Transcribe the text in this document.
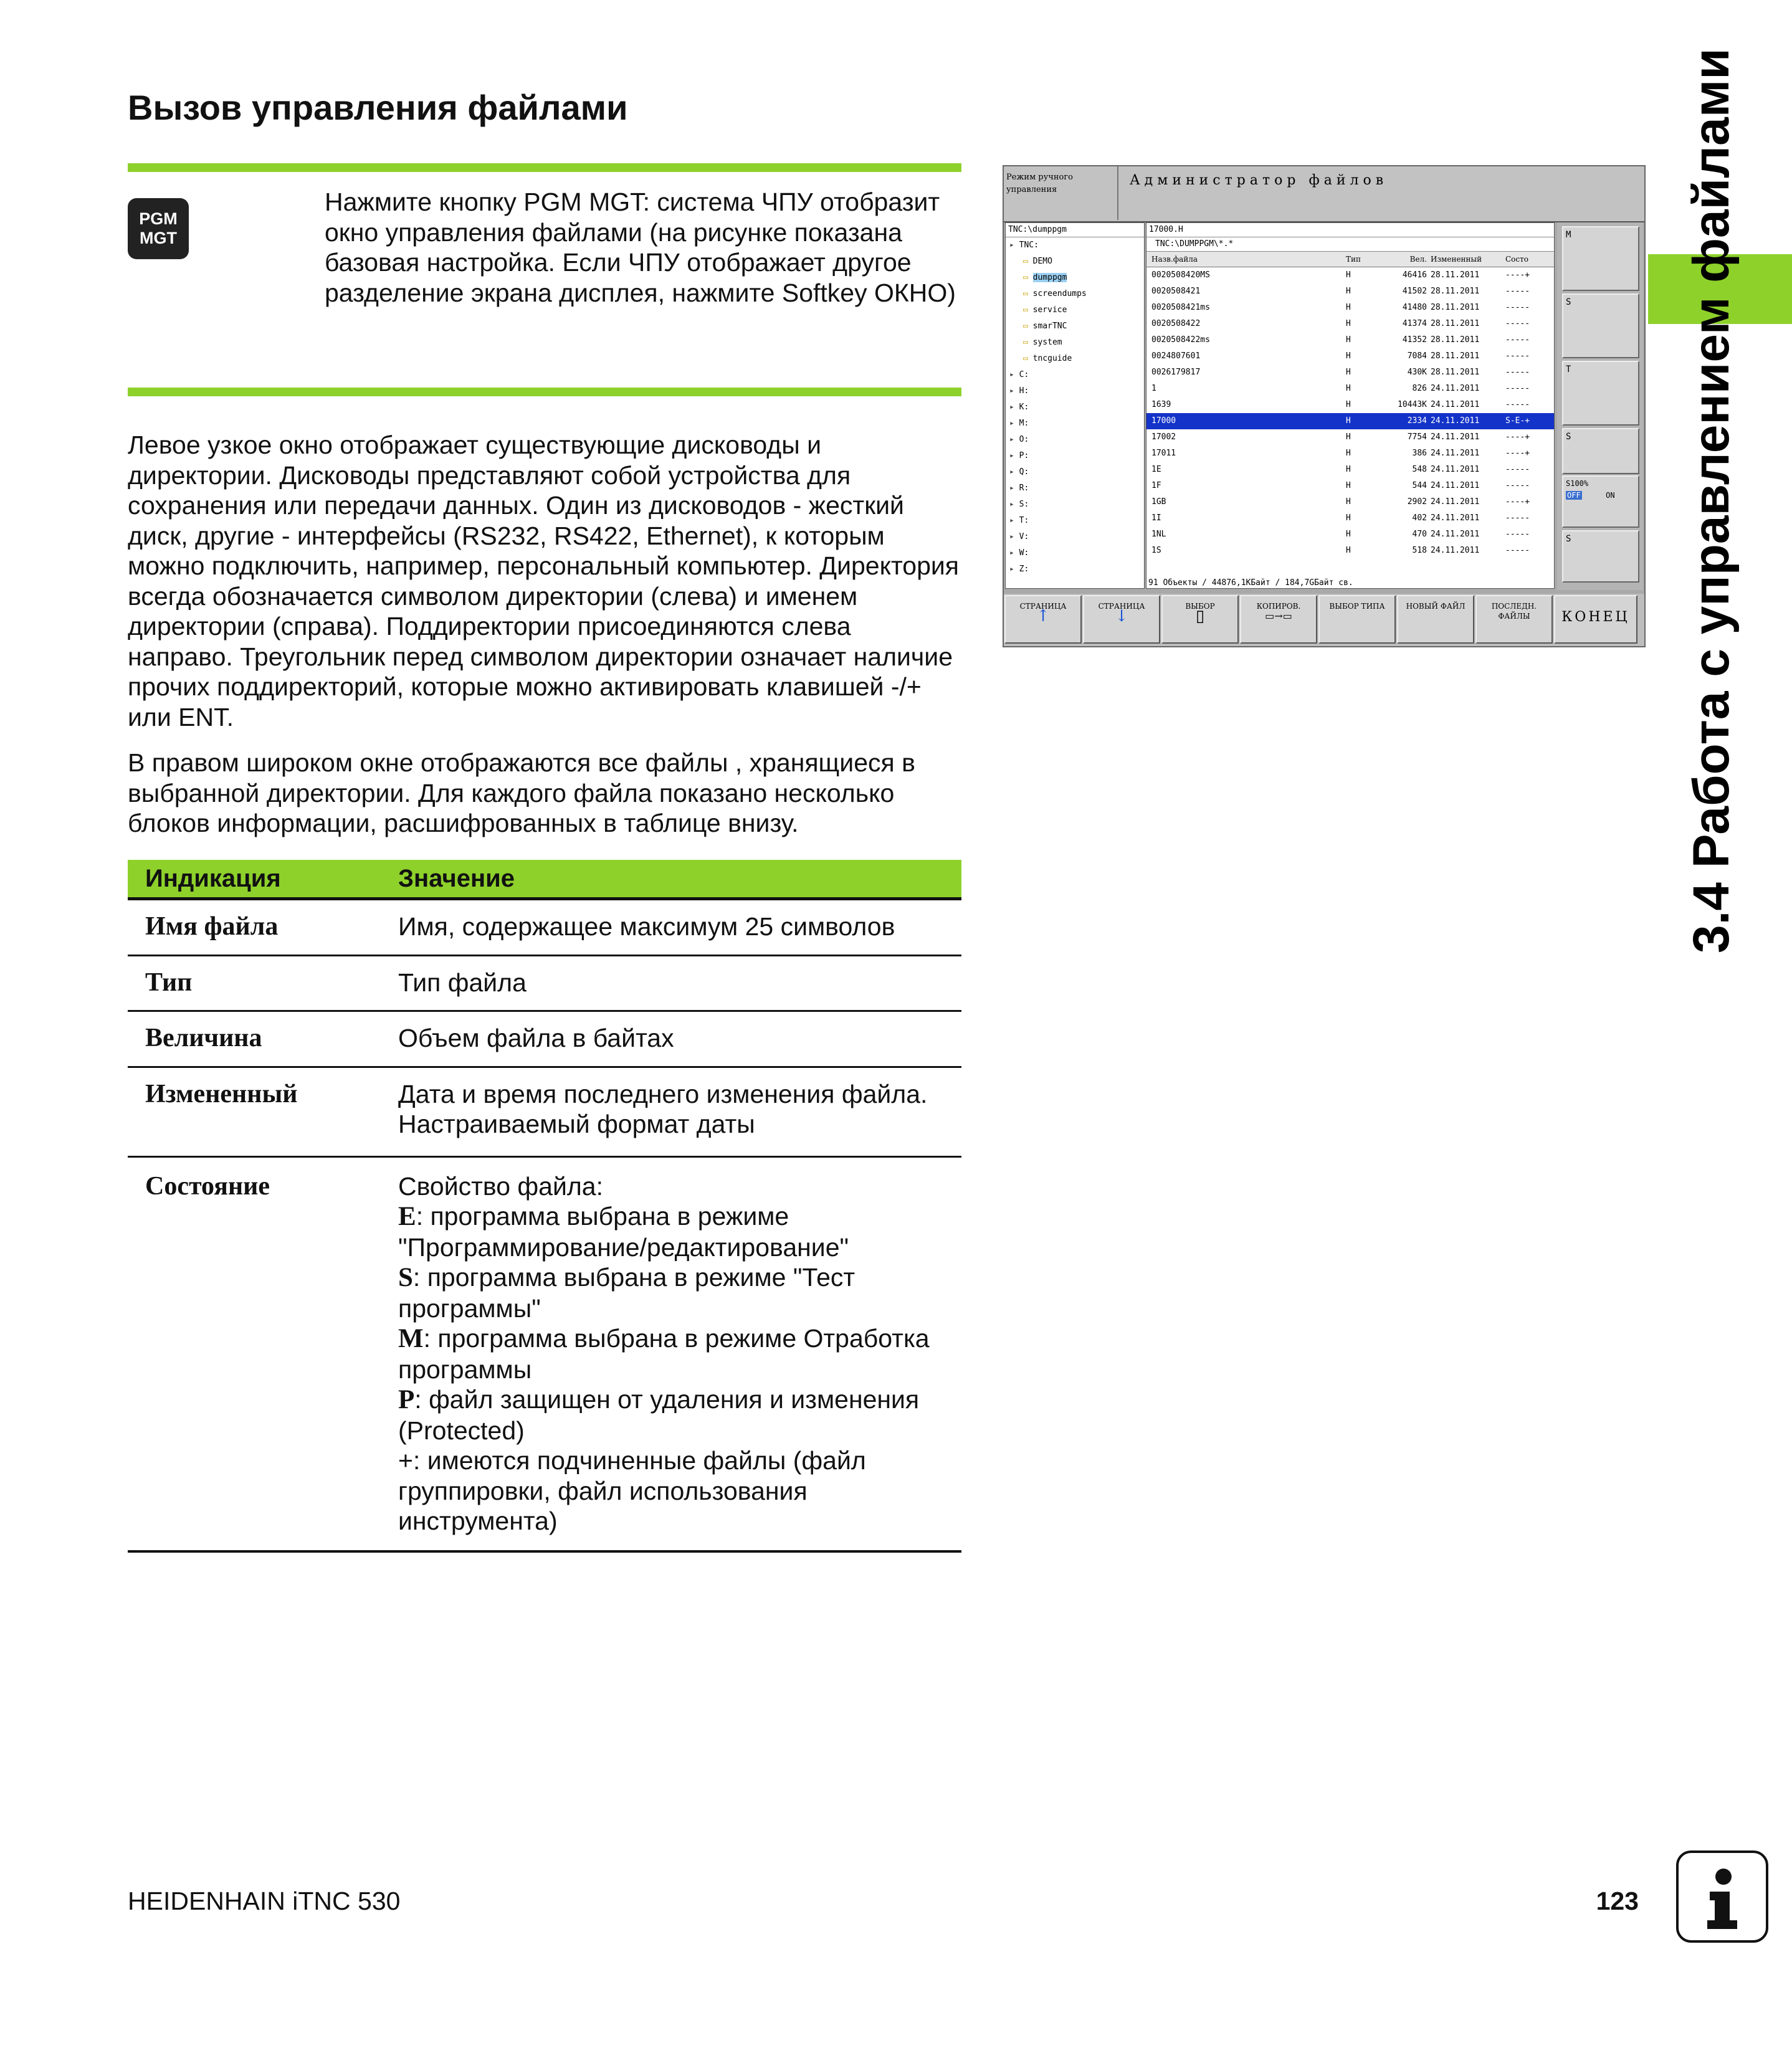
Вызов управления файлами
PGM
MGT
Нажмите кнопку PGM MGT: система ЧПУ отобразит окно управления файлами (на рисунке показана базовая настройка. Если ЧПУ отображает другое разделение экрана дисплея, нажмите Softkey ОКНО)
Левое узкое окно отображает существующие дисководы и директории. Дисководы представляют собой устройства для сохранения или передачи данных. Один из дисководов - жесткий диск, другие - интерфейсы (RS232, RS422, Ethernet), к которым можно подключить, например, персональный компьютер. Директория всегда обозначается символом директории (слева) и именем директории (справа). Поддиректории присоединяются слева направо. Треугольник перед символом директории означает наличие прочих поддиректорий, которые можно активировать клавишей -/+ или ENT.
В правом широком окне отображаются все файлы , хранящиеся в выбранной директории. Для каждого файла показано несколько блоков информации, расшифрованных в таблице внизу.
Индикация	Значение
Имя файла	Имя, содержащее максимум 25 символов
Тип	Тип файла
Величина	Объем файла в байтах
Измененный	Дата и время последнего изменения файла. Настраиваемый формат даты
Состояние	Свойство файла:
E: программа выбрана в режиме "Программирование/редактирование"
S: программа выбрана в режиме "Тест программы"
M: программа выбрана в режиме Отработка программы
P: файл защищен от удаления и изменения (Protected)
+: имеются подчиненные файлы (файл группировки, файл использования инструмента)
Режим ручного управления
Администратор файлов
TNC:\dumppgm
▸ TNC:
▭ DEMO
▭ dumppgm
▭ screendumps
▭ service
▭ smarTNC
▭ system
▭ tncguide
▸ C:
▸ H:
▸ K:
▸ M:
▸ O:
▸ P:
▸ Q:
▸ R:
▸ S:
▸ T:
▸ V:
▸ W:
▸ Z:
17000.H
TNC:\DUMPPGM\*.*
Назв.файла	Тип	Вел. Измененный	Состо
0020508420MS	H	46416 28.11.2011	----+
0020508421	H	41502 28.11.2011	-----
0020508421ms	H	41480 28.11.2011	-----
0020508422	H	41374 28.11.2011	-----
0020508422ms	H	41352 28.11.2011	-----
0024807601	H	7084 28.11.2011	-----
0026179817	H	430K 28.11.2011	-----
1	H	826 24.11.2011	-----
1639	H	10443K 24.11.2011	-----
17000	H	2334 24.11.2011	S-E-+
17002	H	7754 24.11.2011	----+
17011	H	386 24.11.2011	----+
1E	H	548 24.11.2011	-----
1F	H	544 24.11.2011	-----
1GB	H	2902 24.11.2011	----+
1I	H	402 24.11.2011	-----
1NL	H	470 24.11.2011	-----
1S	H	518 24.11.2011	-----
91 Объекты / 44876,1KБайт / 184,7GБайт св.
M
S
T
S
S100%
OFF	ON
S
СТРАНИЦА
↑
СТРАНИЦА
↓
ВЫБОР
▯
КОПИРОВ.
▭→▭
ВЫБОР ТИПА	НОВЫЙ ФАЙЛ	ПОСЛЕДН. ФАЙЛЫ	КОНЕЦ 3.4 Работа с управлением файлами
HEIDENHAIN iTNC 530	123
